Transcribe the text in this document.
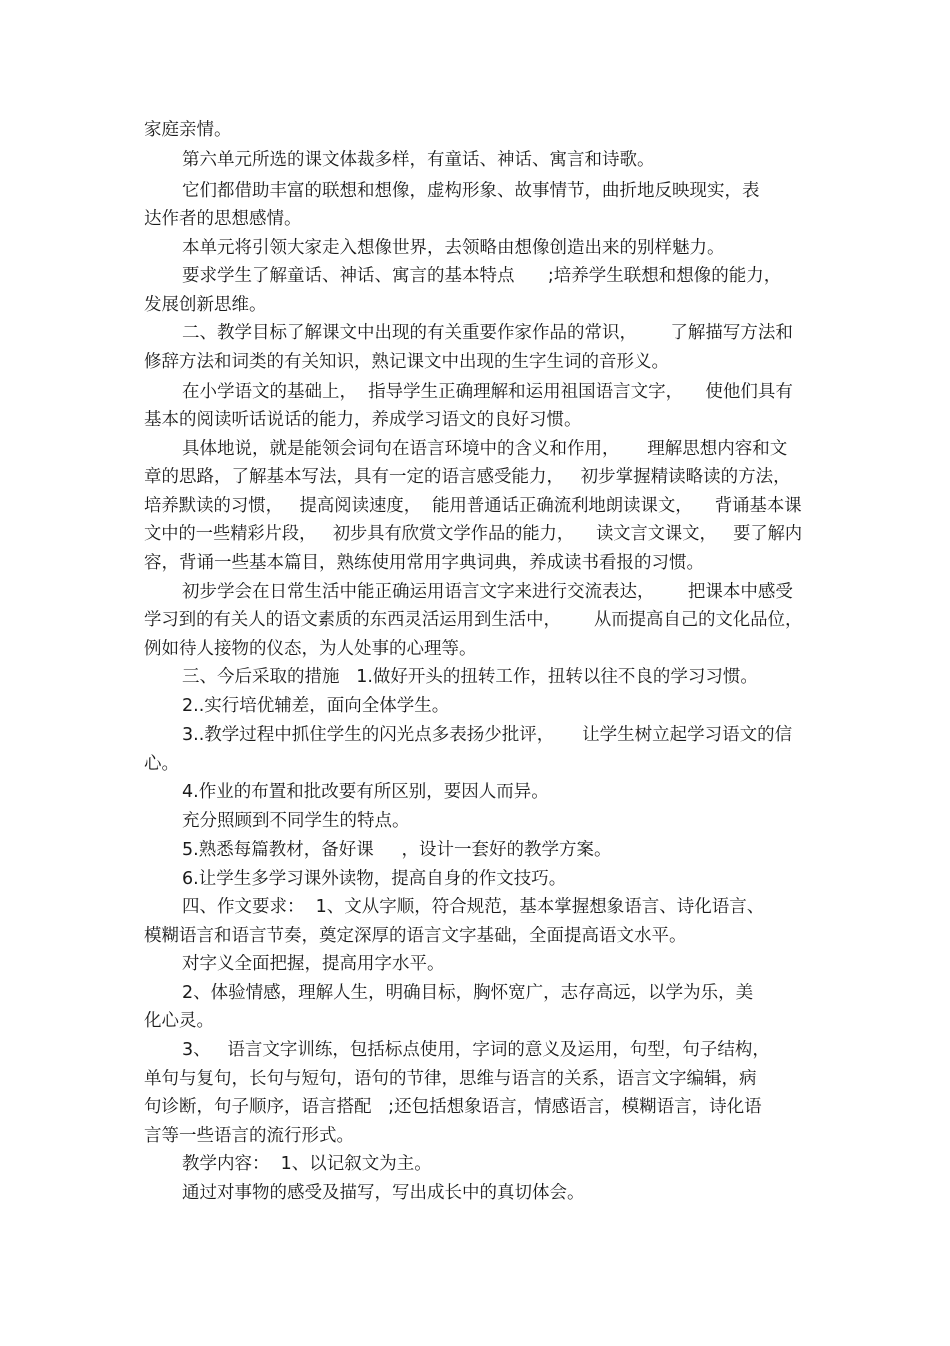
家庭亲情。

第六单元所选的课文体裁多样，有童话、神话、寓言和诗歌。

它们都借助丰富的联想和想像，虚构形象、故事情节，曲折地反映现实，表

达作者的思想感情。

本单元将引领大家走入想像世界，去领略由想像创造出来的别样魅力。

要求学生了解童话、神话、寓言的基本特点      ;培养学生联想和想像的能力，

发展创新思维。

二、教学目标了解课文中出现的有关重要作家作品的常识，      了解描写方法和

修辞方法和词类的有关知识，熟记课文中出现的生字生词的音形义。

在小学语文的基础上，  指导学生正确理解和运用祖国语言文字，    使他们具有

基本的阅读听话说话的能力，养成学习语文的良好习惯。

具体地说，就是能领会词句在语言环境中的含义和作用，     理解思想内容和文

章的思路，了解基本写法，具有一定的语言感受能力，   初步掌握精读略读的方法，

培养默读的习惯，   提高阅读速度，  能用普通话正确流利地朗读课文，    背诵基本课

文中的一些精彩片段，   初步具有欣赏文学作品的能力，    读文言文课文，   要了解内

容，背诵一些基本篇目，熟练使用常用字典词典，养成读书看报的习惯。

初步学会在日常生活中能正确运用语言文字来进行交流表达，      把课本中感受

学习到的有关人的语文素质的东西灵活运用到生活中，      从而提高自己的文化品位，

例如待人接物的仪态，为人处事的心理等。

三、今后采取的措施   1.做好开头的扭转工作，扭转以往不良的学习习惯。

2..实行培优辅差，面向全体学生。

3..教学过程中抓住学生的闪光点多表扬少批评，     让学生树立起学习语文的信

心。

4.作业的布置和批改要有所区别，要因人而异。

充分照顾到不同学生的特点。

5.熟悉每篇教材，备好课     ，设计一套好的教学方案。

6.让学生多学习课外读物，提高自身的作文技巧。

四、作文要求：  1、文从字顺，符合规范，基本掌握想象语言、诗化语言、

模糊语言和语言节奏，奠定深厚的语言文字基础，全面提高语文水平。

对字义全面把握，提高用字水平。

2、体验情感，理解人生，明确目标，胸怀宽广，志存高远，以学为乐，美

化心灵。

3、   语言文字训练，包括标点使用，字词的意义及运用，句型，句子结构，

单句与复句，长句与短句，语句的节律，思维与语言的关系，语言文字编辑，病

句诊断，句子顺序，语言搭配   ;还包括想象语言，情感语言，模糊语言，诗化语

言等一些语言的流行形式。

教学内容：  1、以记叙文为主。

通过对事物的感受及描写，写出成长中的真切体会。
